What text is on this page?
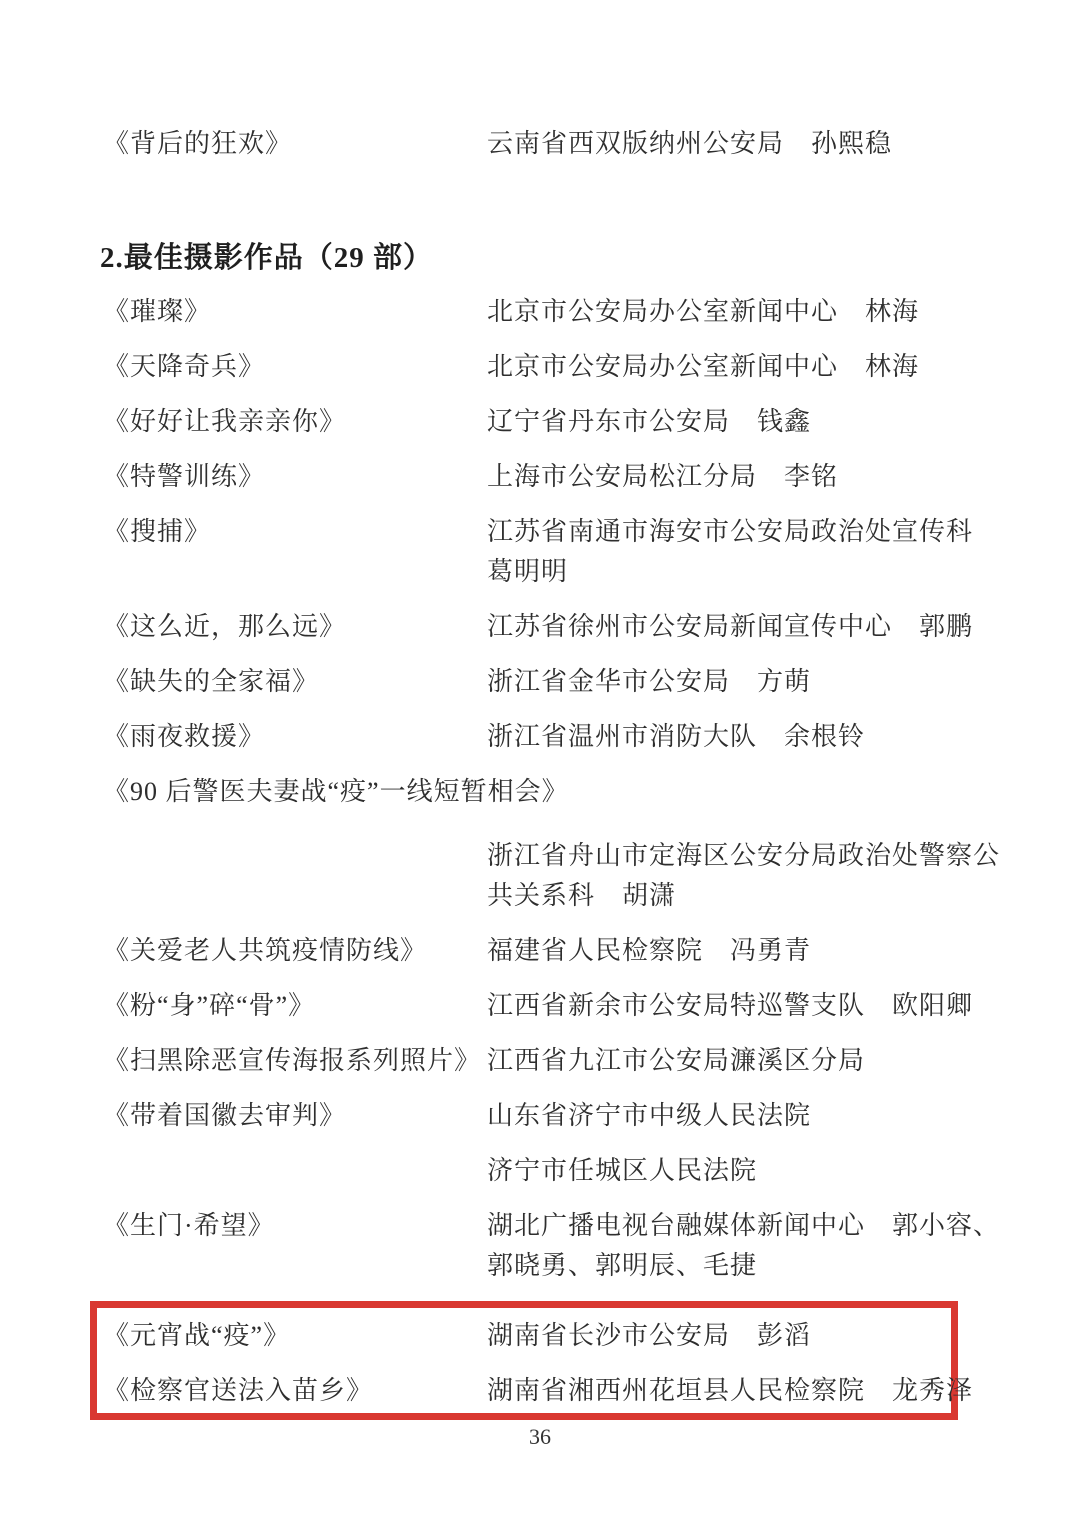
《背后的狂欢》	云南省西双版纳州公安局　孙熙稳
2.最佳摄影作品（29 部）
《璀璨》	北京市公安局办公室新闻中心　林海
《天降奇兵》	北京市公安局办公室新闻中心　林海
《好好让我亲亲你》	辽宁省丹东市公安局　钱鑫
《特警训练》	上海市公安局松江分局　李铭
《搜捕》	江苏省南通市海安市公安局政治处宣传科
葛明明
《这么近，那么远》	江苏省徐州市公安局新闻宣传中心　郭鹏
《缺失的全家福》	浙江省金华市公安局　方萌
《雨夜救援》	浙江省温州市消防大队　余根铃
《90 后警医夫妻战“疫”一线短暂相会》
浙江省舟山市定海区公安分局政治处警察公
共关系科　胡潇
《关爱老人共筑疫情防线》	福建省人民检察院　冯勇青
《粉“身”碎“骨”》	江西省新余市公安局特巡警支队　欧阳卿
《扫黑除恶宣传海报系列照片》 江西省九江市公安局濂溪区分局
《带着国徽去审判》	山东省济宁市中级人民法院
济宁市任城区人民法院
《生门·希望》	湖北广播电视台融媒体新闻中心　郭小容、
郭晓勇、郭明辰、毛捷
《元宵战“疫”》	湖南省长沙市公安局　彭滔
《检察官送法入苗乡》	湖南省湘西州花垣县人民检察院　龙秀泽
36
